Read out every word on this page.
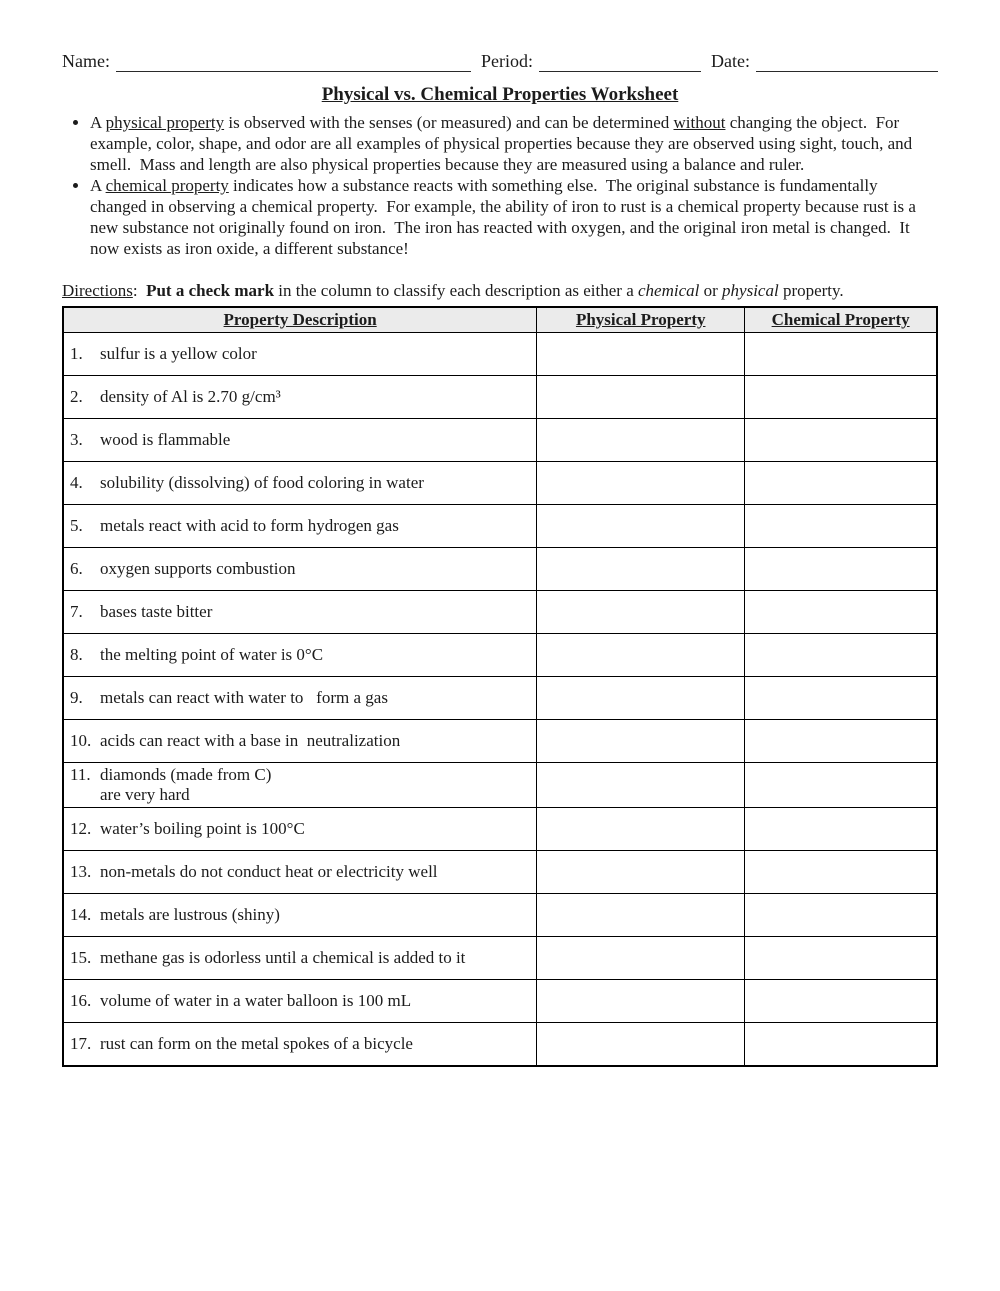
Name:	Period:	Date:
Physical vs. Chemical Properties Worksheet
• A physical property is observed with the senses (or measured) and can be determined without changing the object.  For example, color, shape, and odor are all examples of physical properties because they are observed using sight, touch, and smell.  Mass and length are also physical properties because they are measured using a balance and ruler.
• A chemical property indicates how a substance reacts with something else.  The original substance is fundamentally changed in observing a chemical property.  For example, the ability of iron to rust is a chemical property because rust is a new substance not originally found on iron.  The iron has reacted with oxygen, and the original iron metal is changed.  It now exists as iron oxide, a different substance!

Directions:  Put a check mark in the column to classify each description as either a chemical or physical property.

Property Description	Physical Property	Chemical Property

1. sulfur is a yellow color		

2. density of Al is 2.70 g/cm³		

3. wood is flammable		

4. solubility (dissolving) of food coloring in water		

5. metals react with acid to form hydrogen gas		

6. oxygen supports combustion		

7. bases taste bitter		

8. the melting point of water is 0°C		

9. metals can react with water to   form a gas		

10. acids can react with a base in  neutralization		

11. diamonds (made from C)
are very hard		

12. water’s boiling point is 100°C		

13. non-metals do not conduct heat or electricity well		

14. metals are lustrous (shiny)		

15. methane gas is odorless until a chemical is added to it		

16. volume of water in a water balloon is 100 mL		

17. rust can form on the metal spokes of a bicycle		
